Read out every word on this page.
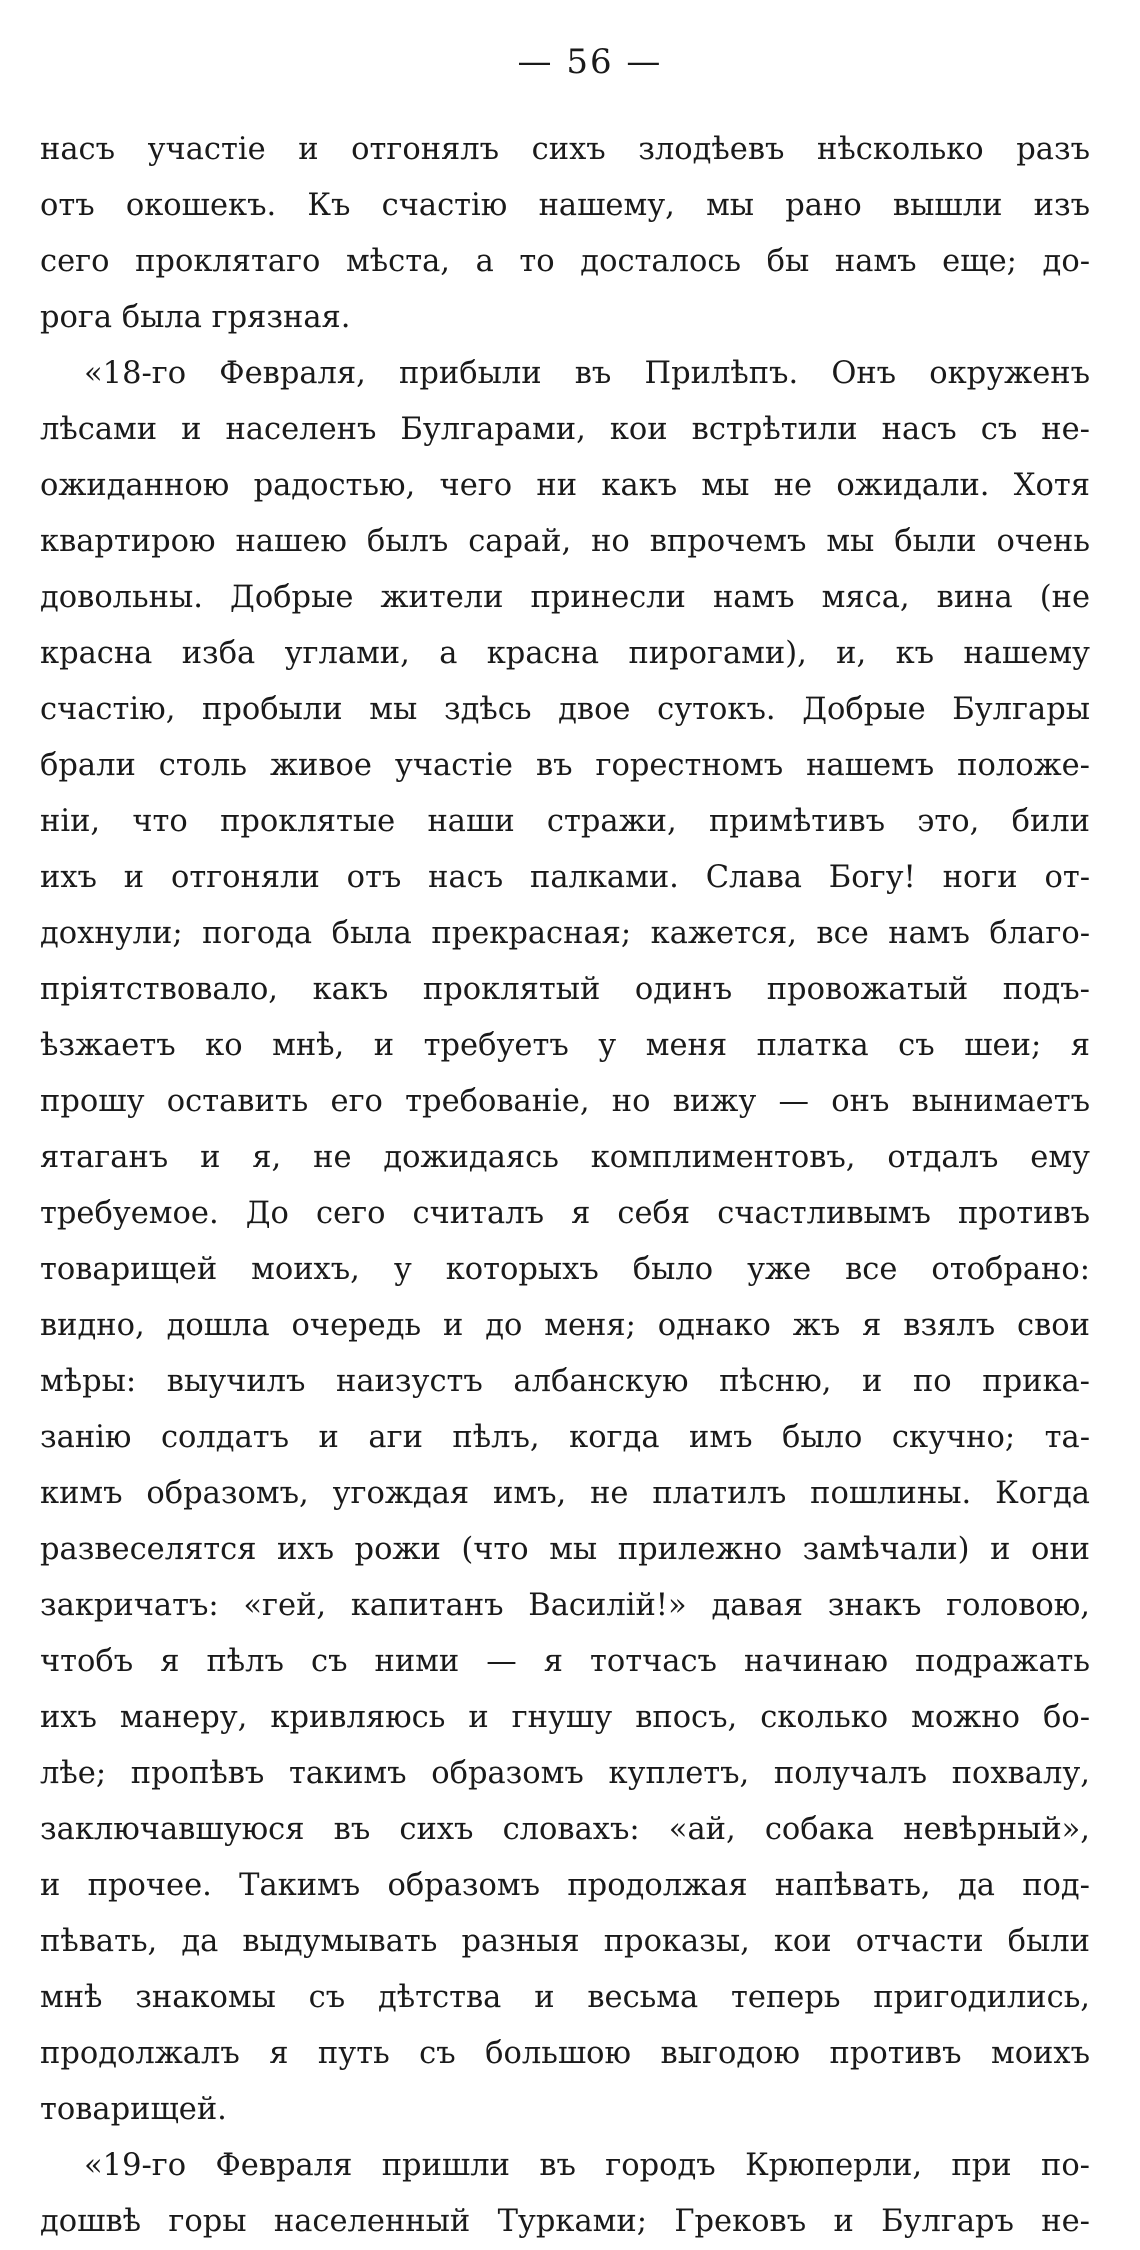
— 56 —
насъ участіе и отгонялъ сихъ злодѣевъ нѣсколько разъ
отъ окошекъ. Къ счастію нашему, мы рано вышли изъ
сего проклятаго мѣста, а то досталось бы намъ еще; до-
рога была грязная.
«18-го Февраля, прибыли въ Прилѣпъ. Онъ окруженъ
лѣсами и населенъ Булгарами, кои встрѣтили насъ съ не-
ожиданною радостью, чего ни какъ мы не ожидали. Хотя
квартирою нашею былъ сарай, но впрочемъ мы были очень
довольны. Добрые жители принесли намъ мяса, вина (не
красна изба углами, а красна пирогами), и, къ нашему
счастію, пробыли мы здѣсь двое сутокъ. Добрые Булгары
брали столь живое участіе въ горестномъ нашемъ положе-
ніи, что проклятые наши стражи, примѣтивъ это, били
ихъ и отгоняли отъ насъ палками. Слава Богу! ноги от-
дохнули; погода была прекрасная; кажется, все намъ благо-
пріятствовало, какъ проклятый одинъ провожатый подъ-
ѣзжаетъ ко мнѣ, и требуетъ у меня платка съ шеи; я
прошу оставить его требованіе, но вижу — онъ вынимаетъ
ятаганъ и я, не дожидаясь комплиментовъ, отдалъ ему
требуемое. До сего считалъ я себя счастливымъ противъ
товарищей моихъ, у которыхъ было уже все отобрано:
видно, дошла очередь и до меня; однако жъ я взялъ свои
мѣры: выучилъ наизустъ албанскую пѣсню, и по прика-
занію солдатъ и аги пѣлъ, когда имъ было скучно; та-
кимъ образомъ, угождая имъ, не платилъ пошлины. Когда
развеселятся ихъ рожи (что мы прилежно замѣчали) и они
закричатъ: «гей, капитанъ Василій!» давая знакъ головою,
чтобъ я пѣлъ съ ними — я тотчасъ начинаю подражать
ихъ манеру, кривляюсь и гнушу впосъ, сколько можно бо-
лѣе; пропѣвъ такимъ образомъ куплетъ, получалъ похвалу,
заключавшуюся въ сихъ словахъ: «ай, собака невѣрный»,
и прочее. Такимъ образомъ продолжая напѣвать, да под-
пѣвать, да выдумывать разныя проказы, кои отчасти были
мнѣ знакомы съ дѣтства и весьма теперь пригодились,
продолжалъ я путь съ большою выгодою противъ моихъ
товарищей.
«19-го Февраля пришли въ городъ Крюперли, при по-
дошвѣ горы населенный Турками; Грековъ и Булгаръ не-
